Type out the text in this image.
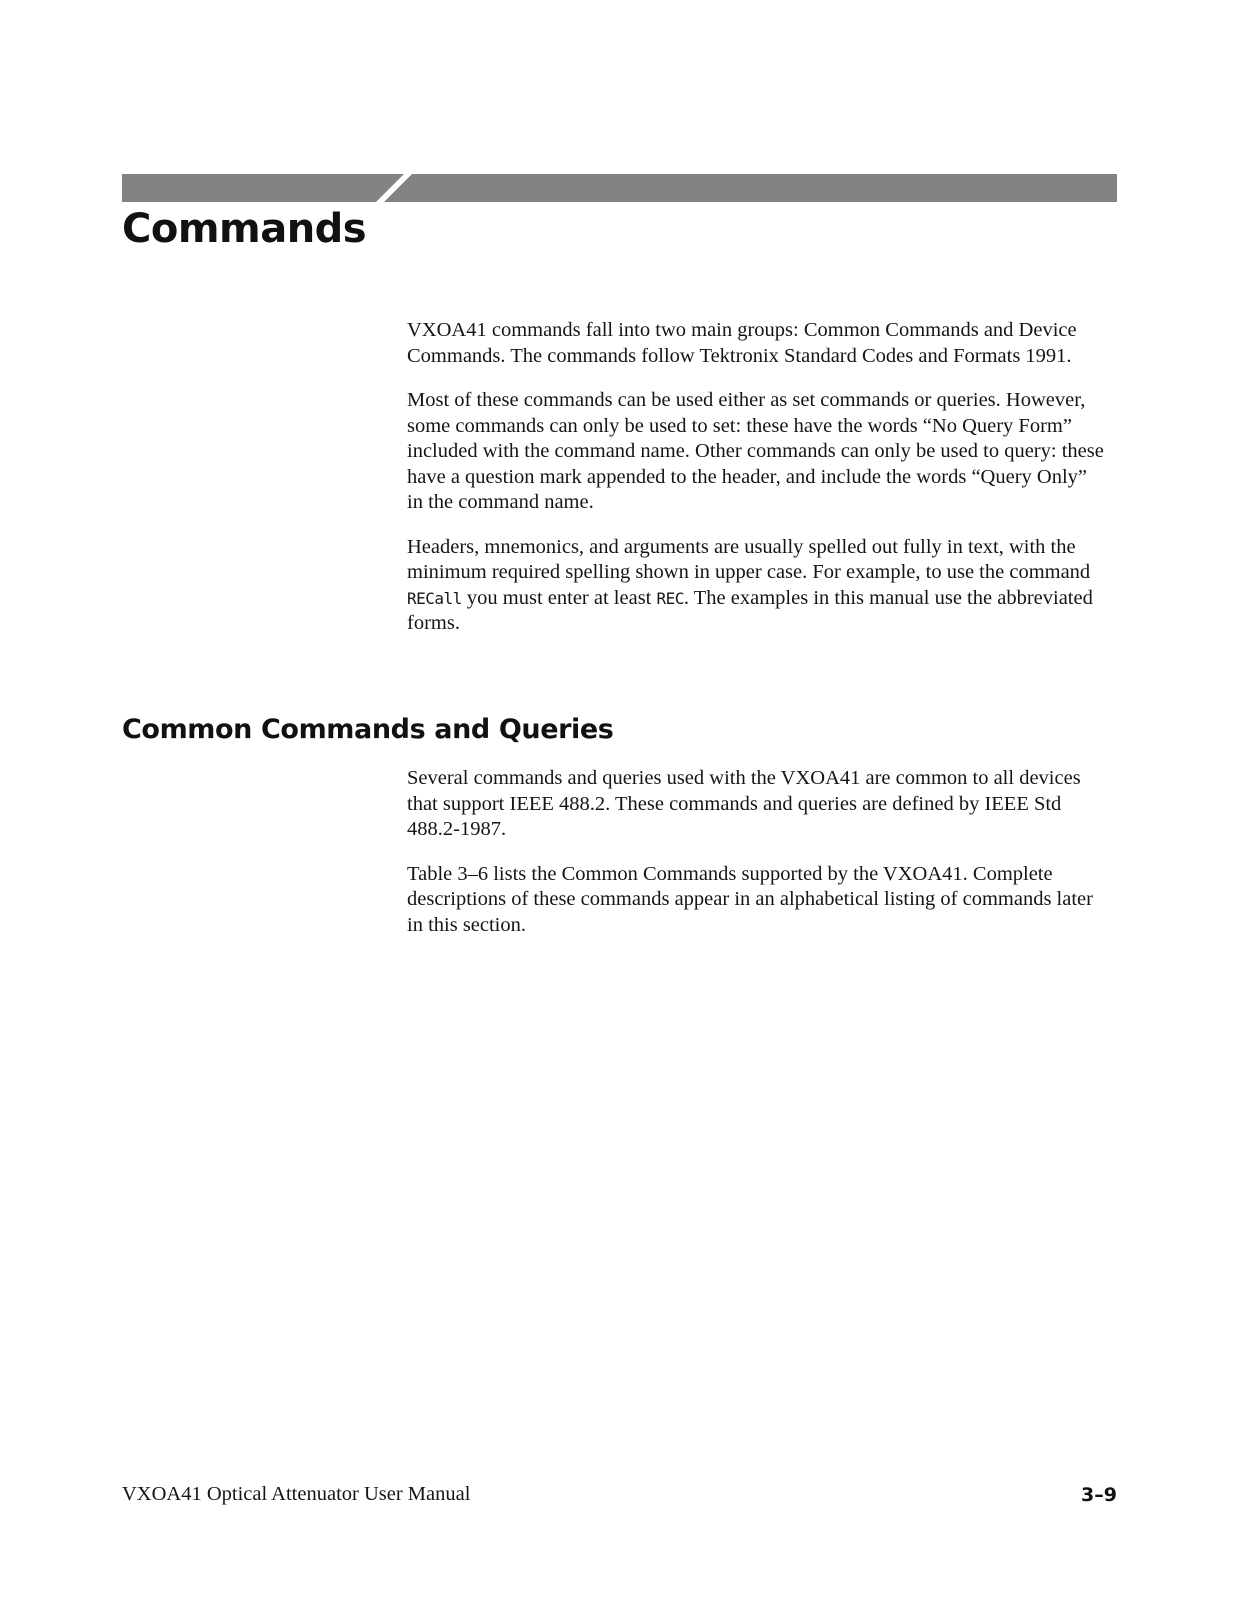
Commands

VXOA41 commands fall into two main groups: Common Commands and Device Commands. The commands follow Tektronix Standard Codes and Formats 1991.

Most of these commands can be used either as set commands or queries. However, some commands can only be used to set: these have the words “No Query Form” included with the command name. Other commands can only be used to query: these have a question mark appended to the header, and include the words “Query Only” in the command name.

Headers, mnemonics, and arguments are usually spelled out fully in text, with the minimum required spelling shown in upper case. For example, to use the command RECall you must enter at least REC. The examples in this manual use the abbreviated forms.

Common Commands and Queries

Several commands and queries used with the VXOA41 are common to all devices that support IEEE 488.2. These commands and queries are defined by IEEE Std 488.2-1987.

Table 3–6 lists the Common Commands supported by the VXOA41. Complete descriptions of these commands appear in an alphabetical listing of commands later in this section.

VXOA41 Optical Attenuator User Manual	3–9
